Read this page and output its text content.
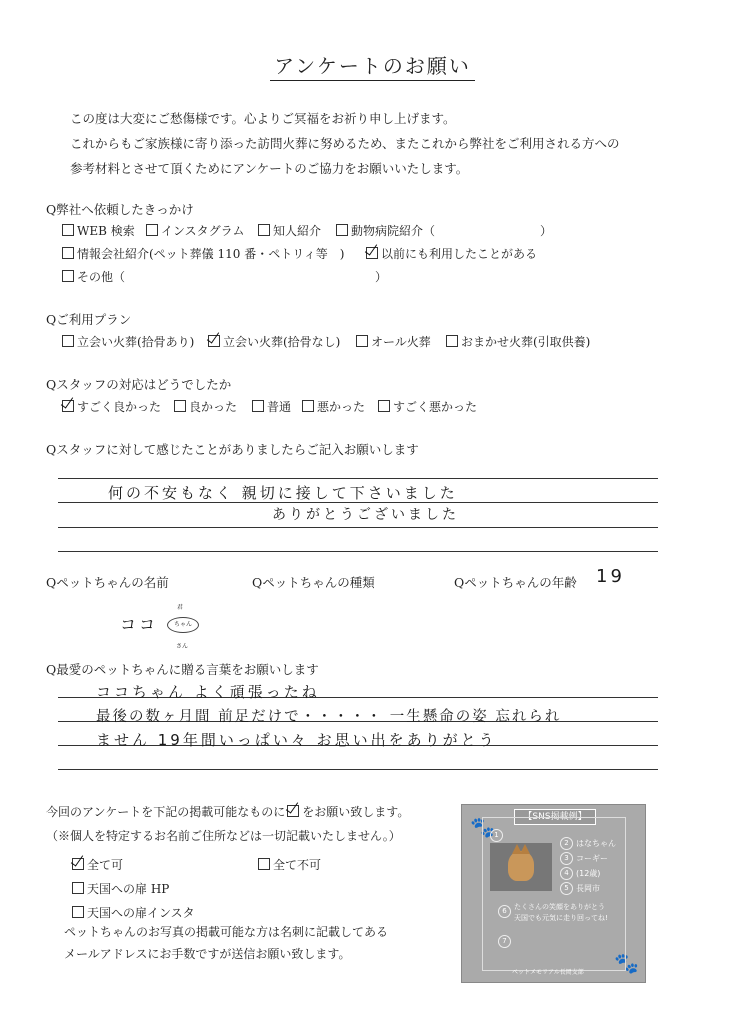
アンケートのお願い
この度は大変にご愁傷様です。心よりご冥福をお祈り申し上げます。
これからもご家族様に寄り添った訪問火葬に努めるため、またこれから弊社をご利用される方への
参考材料とさせて頂くためにアンケートのご協力をお願いいたします。
Q弊社へ依頼したきっかけ
WEB 検索	インスタグラム	知人紹介	動物病院紹介（	）
情報会社紹介(ペット葬儀 110 番・ペトリィ等　)	以前にも利用したことがある
その他（	）
Qご利用プラン
立会い火葬(拾骨あり)	立会い火葬(拾骨なし)	オール火葬	おまかせ火葬(引取供養)
Qスタッフの対応はどうでしたか
すごく良かった	良かった	普通	悪かった	すごく悪かった
Qスタッフに対して感じたことがありましたらご記入お願いします
何の不安もなく 親切に接して下さいました
ありがとうございました
Qペットちゃんの名前	Qペットちゃんの種類	Qペットちゃんの年齢 19
ココ
君
ちゃん
さん
Q最愛のペットちゃんに贈る言葉をお願いします
ココちゃん よく頑張ったね
最後の数ヶ月間 前足だけで・・・・・ 一生懸命の姿 忘れられ
ません 19年間いっぱい々 お思い出をありがとう
今回のアンケートを下記の掲載可能なものに をお願い致します。
（※個人を特定するお名前ご住所などは一切記載いたしません。）
全て可	全て不可
天国への扉 HP
天国への扉インスタ
ペットちゃんのお写真の掲載可能な方は名刺に記載してある
メールアドレスにお手数ですが送信お願い致します。
【SNS掲載例】
🐾
🐾
1
2 はなちゃん
3 コーギー
4 (12歳)
5 長岡市
6	たくさんの笑顔をありがとう
天国でも元気に走り回ってね!
7
ペットメモリアル長岡支部
